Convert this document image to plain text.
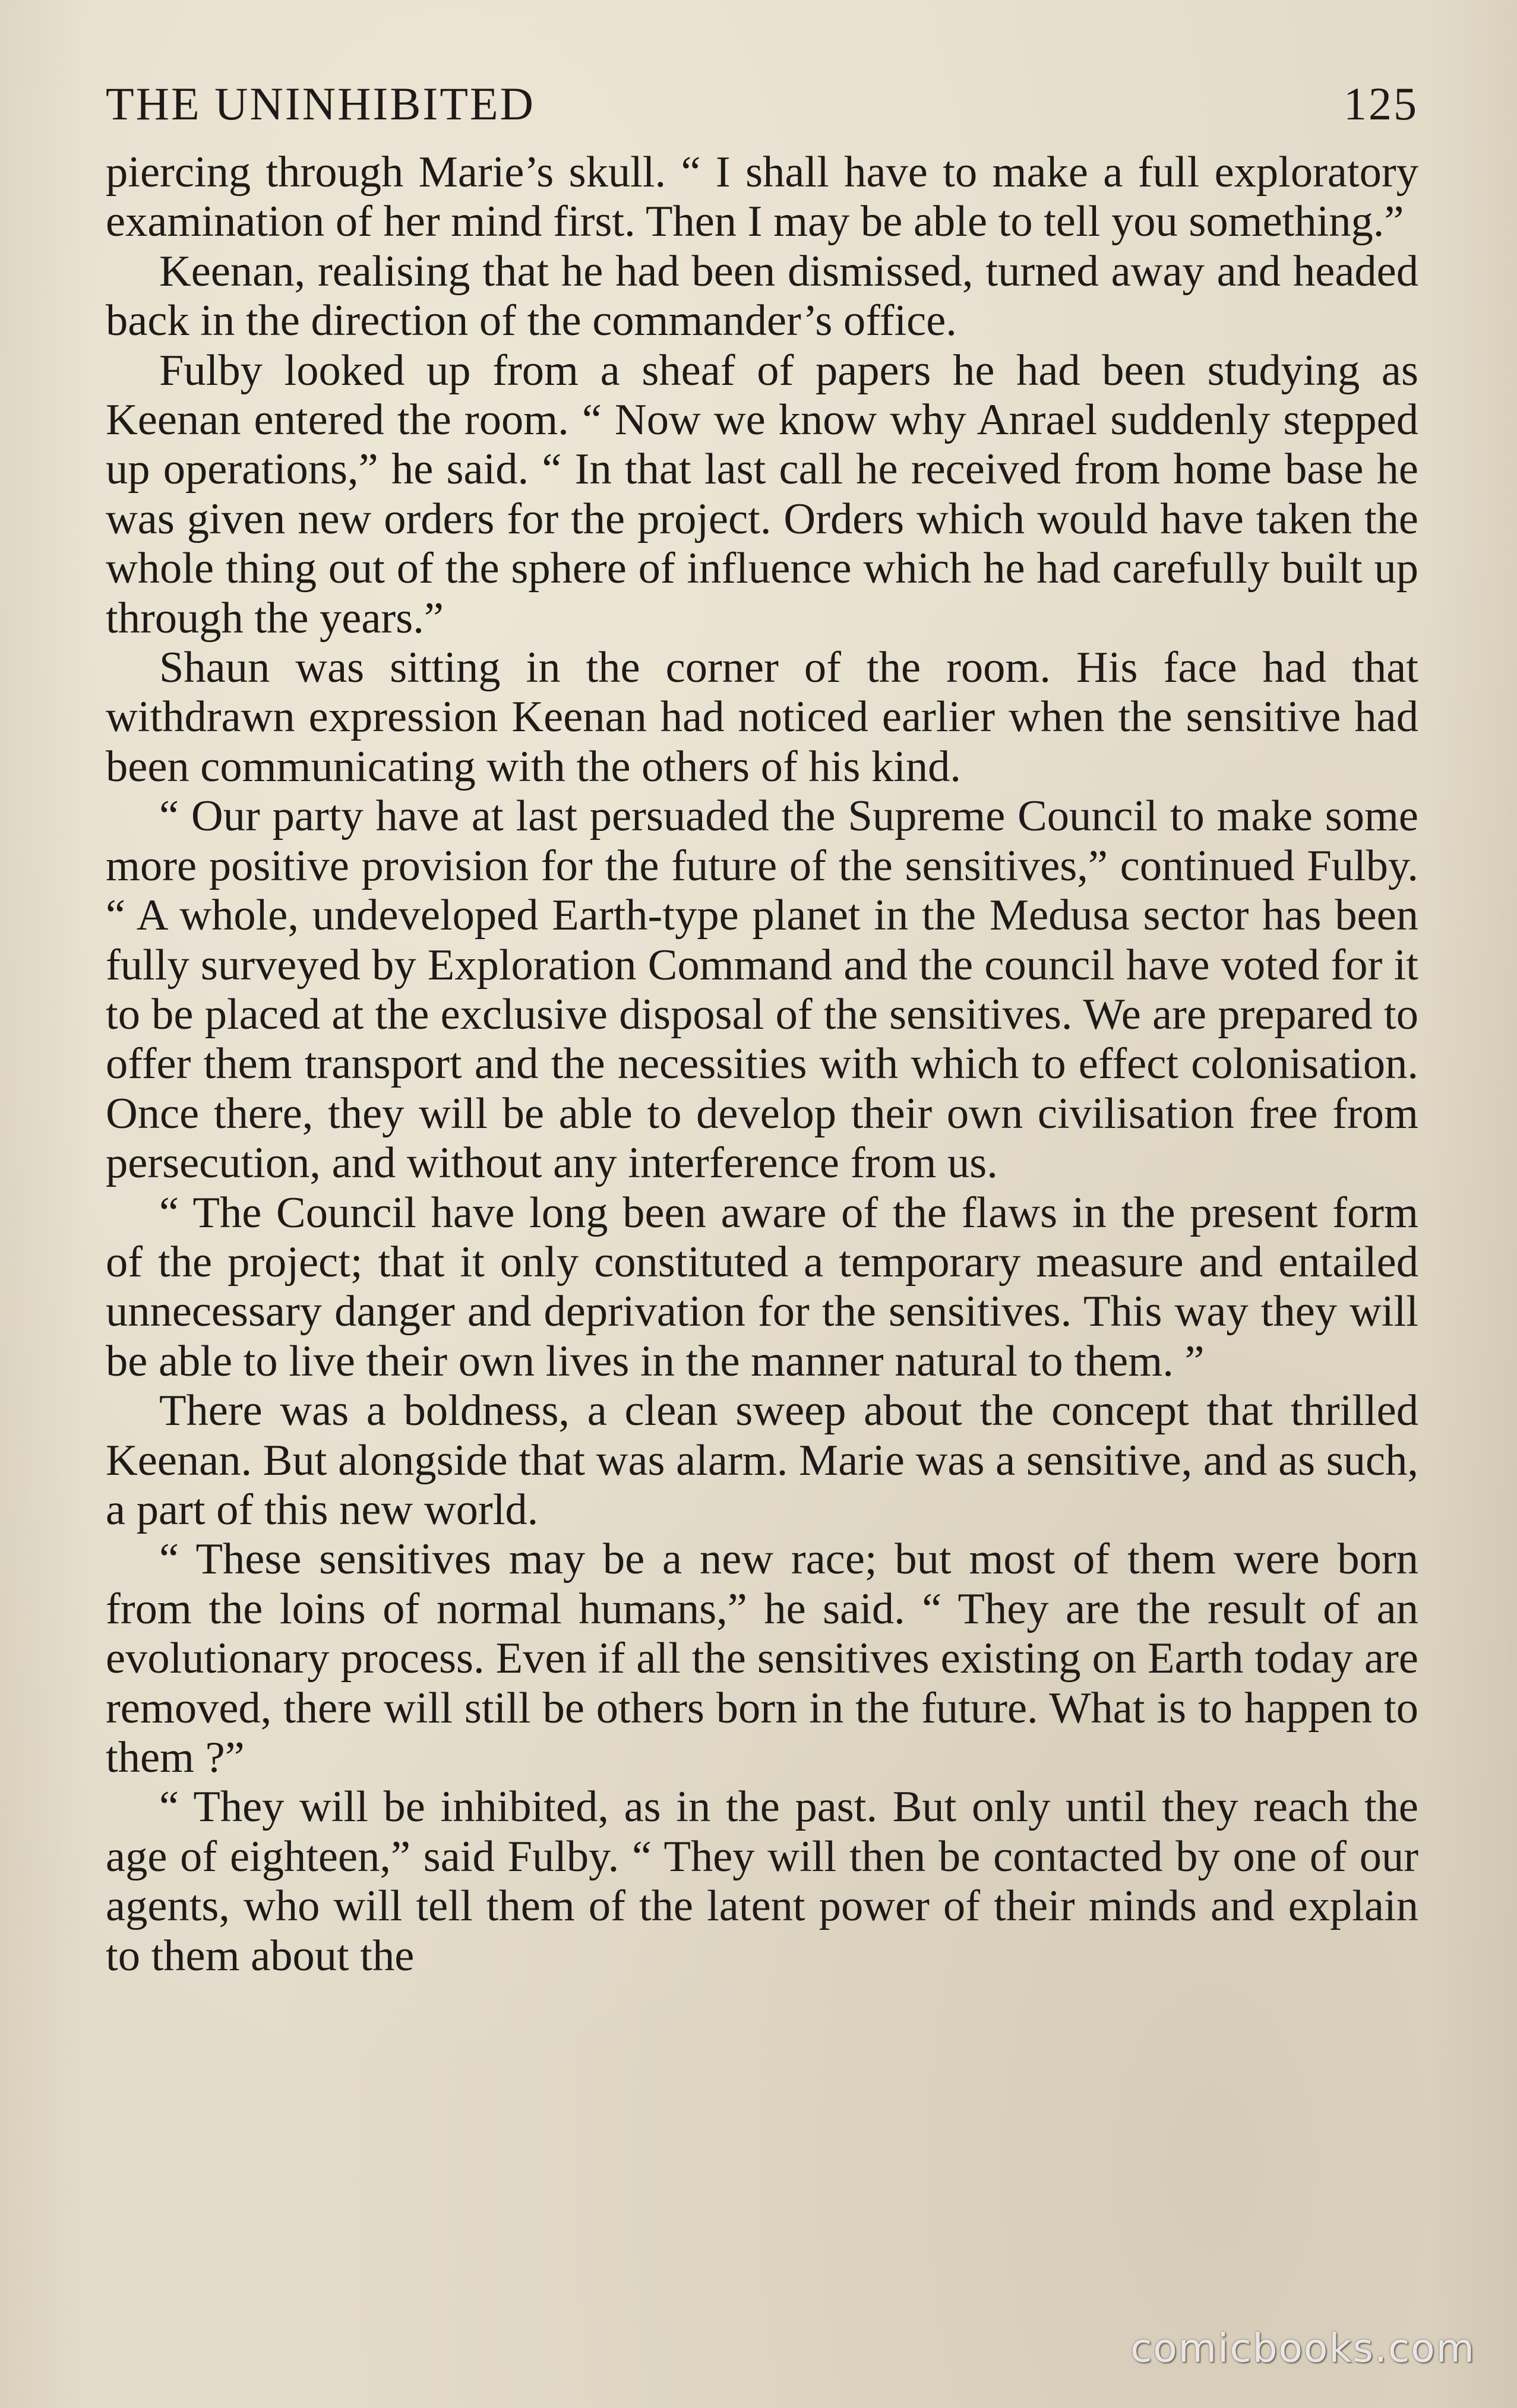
THE UNINHIBITED	125

piercing through Marie’s skull. “ I shall have to make a full exploratory examination of her mind first. Then I may be able to tell you something.”

Keenan, realising that he had been dismissed, turned away and headed back in the direction of the commander’s office.

Fulby looked up from a sheaf of papers he had been studying as Keenan entered the room. “ Now we know why Anrael suddenly stepped up operations,” he said. “ In that last call he received from home base he was given new orders for the project. Orders which would have taken the whole thing out of the sphere of influence which he had carefully built up through the years.”

Shaun was sitting in the corner of the room. His face had that withdrawn expression Keenan had noticed earlier when the sensitive had been communicating with the others of his kind.

“ Our party have at last persuaded the Supreme Council to make some more positive provision for the future of the sensitives,” continued Fulby. “ A whole, undeveloped Earth-type planet in the Medusa sector has been fully surveyed by Exploration Command and the council have voted for it to be placed at the exclusive disposal of the sensitives. We are prepared to offer them transport and the necessities with which to effect colonisation. Once there, they will be able to develop their own civilisation free from persecution, and without any interference from us.

“ The Council have long been aware of the flaws in the present form of the project; that it only constituted a temporary measure and entailed unnecessary danger and deprivation for the sensitives. This way they will be able to live their own lives in the manner natural to them. ”

There was a boldness, a clean sweep about the concept that thrilled Keenan. But alongside that was alarm. Marie was a sensitive, and as such, a part of this new world.

“ These sensitives may be a new race; but most of them were born from the loins of normal humans,” he said. “ They are the result of an evolutionary process. Even if all the sensitives existing on Earth today are removed, there will still be others born in the future. What is to happen to them ?”

“ They will be inhibited, as in the past. But only until they reach the age of eighteen,” said Fulby. “ They will then be contacted by one of our agents, who will tell them of the latent power of their minds and explain to them about the

comicbooks.com
